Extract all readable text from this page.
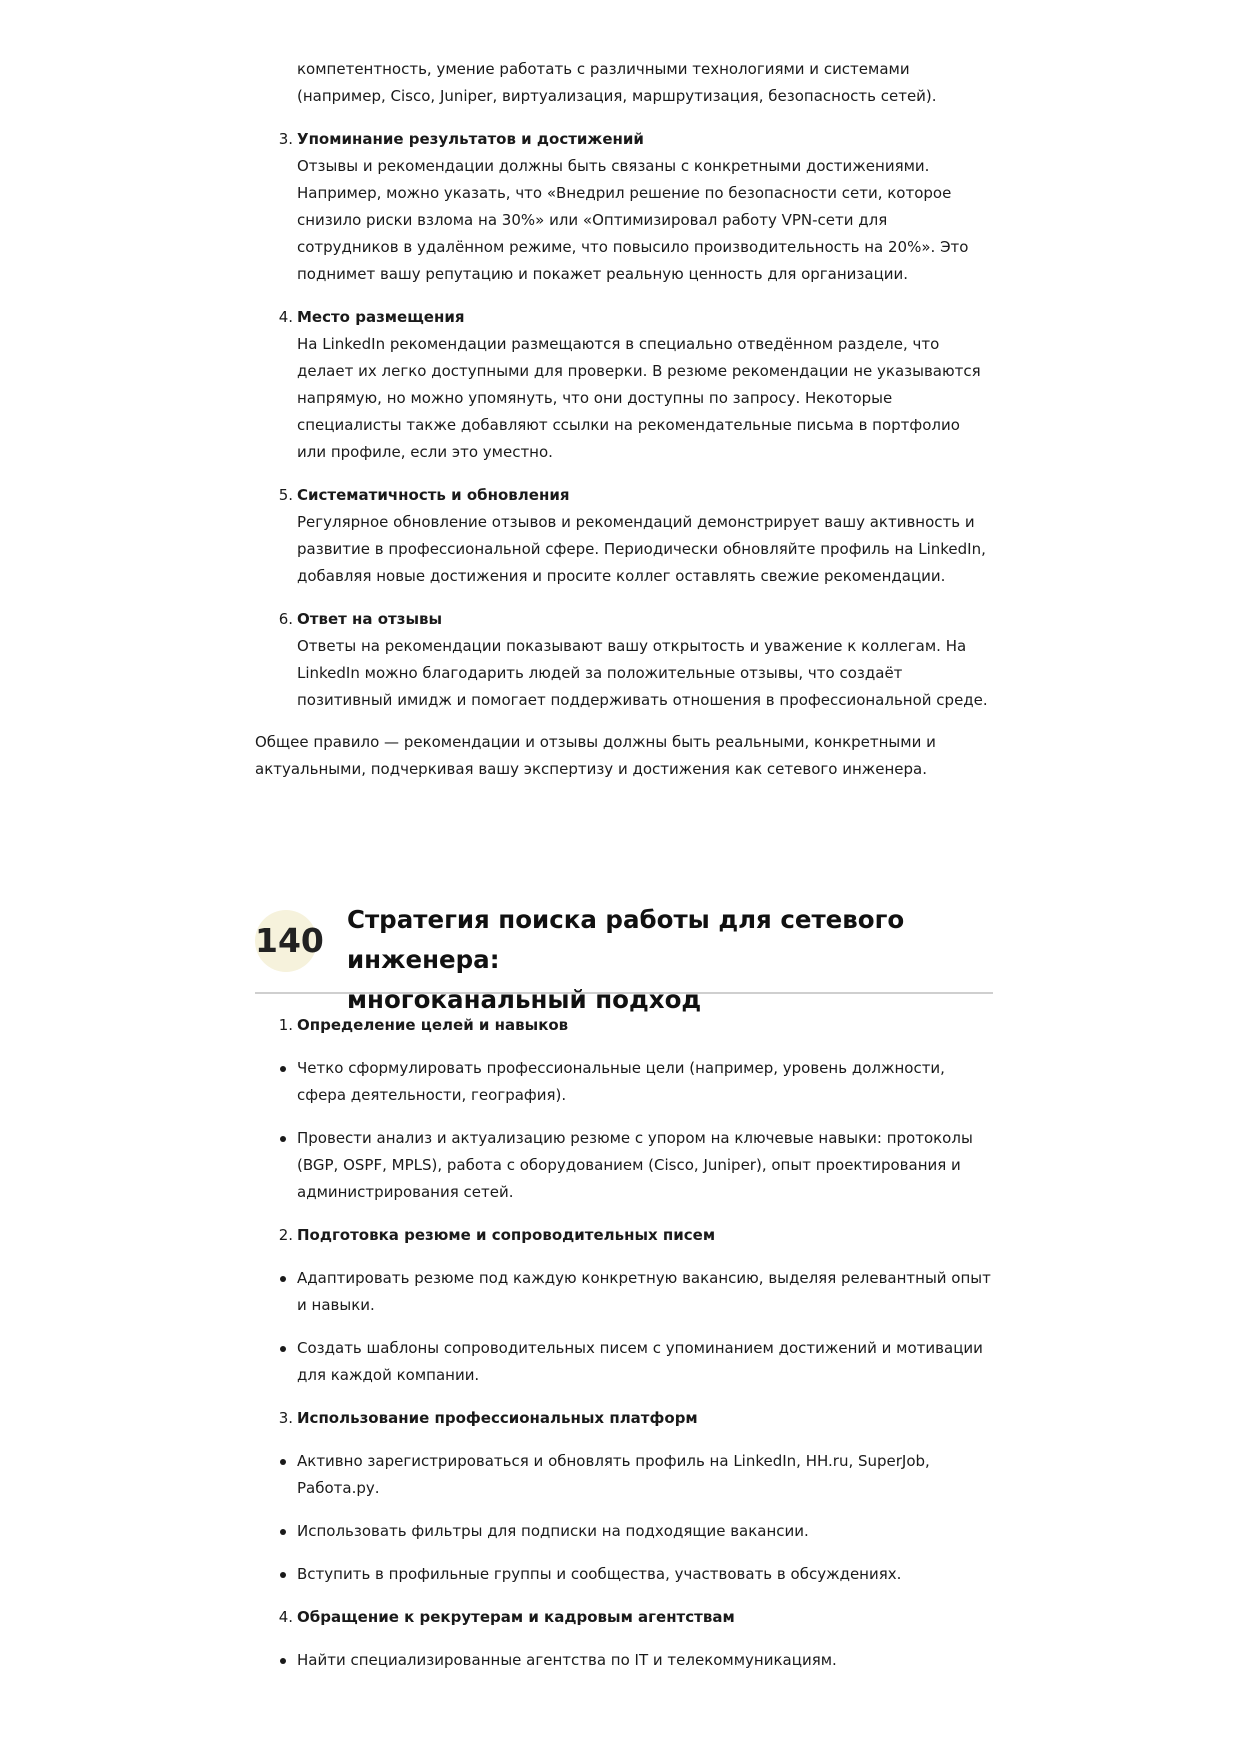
компетентность, умение работать с различными технологиями и системами (например, Cisco, Juniper, виртуализация, маршрутизация, безопасность сетей).

3. Упоминание результатов и достижений
Отзывы и рекомендации должны быть связаны с конкретными достижениями. Например, можно указать, что «Внедрил решение по безопасности сети, которое снизило риски взлома на 30%» или «Оптимизировал работу VPN-сети для сотрудников в удалённом режиме, что повысило производительность на 20%». Это поднимет вашу репутацию и покажет реальную ценность для организации.
4. Место размещения
На LinkedIn рекомендации размещаются в специально отведённом разделе, что делает их легко доступными для проверки. В резюме рекомендации не указываются напрямую, но можно упомянуть, что они доступны по запросу. Некоторые специалисты также добавляют ссылки на рекомендательные письма в портфолио или профиле, если это уместно.
5. Систематичность и обновления
Регулярное обновление отзывов и рекомендаций демонстрирует вашу активность и развитие в профессиональной сфере. Периодически обновляйте профиль на LinkedIn, добавляя новые достижения и просите коллег оставлять свежие рекомендации.
6. Ответ на отзывы
Ответы на рекомендации показывают вашу открытость и уважение к коллегам. На LinkedIn можно благодарить людей за положительные отзывы, что создаёт позитивный имидж и помогает поддерживать отношения в профессиональной среде.

Общее правило — рекомендации и отзывы должны быть реальными, конкретными и актуальными, подчеркивая вашу экспертизу и достижения как сетевого инженера.

140
Стратегия поиска работы для сетевого инженера:
многоканальный подход
1. Определение целей и навыков
Четко сформулировать профессиональные цели (например, уровень должности, сфера деятельности, география).
Провести анализ и актуализацию резюме с упором на ключевые навыки: протоколы (BGP, OSPF, MPLS), работа с оборудованием (Cisco, Juniper), опыт проектирования и администрирования сетей.
2. Подготовка резюме и сопроводительных писем
Адаптировать резюме под каждую конкретную вакансию, выделяя релевантный опыт и навыки.
Создать шаблоны сопроводительных писем с упоминанием достижений и мотивации для каждой компании.
3. Использование профессиональных платформ
Активно зарегистрироваться и обновлять профиль на LinkedIn, HH.ru, SuperJob, Работа.ру.
Использовать фильтры для подписки на подходящие вакансии.
Вступить в профильные группы и сообщества, участвовать в обсуждениях.
4. Обращение к рекрутерам и кадровым агентствам
Найти специализированные агентства по IT и телекоммуникациям.
